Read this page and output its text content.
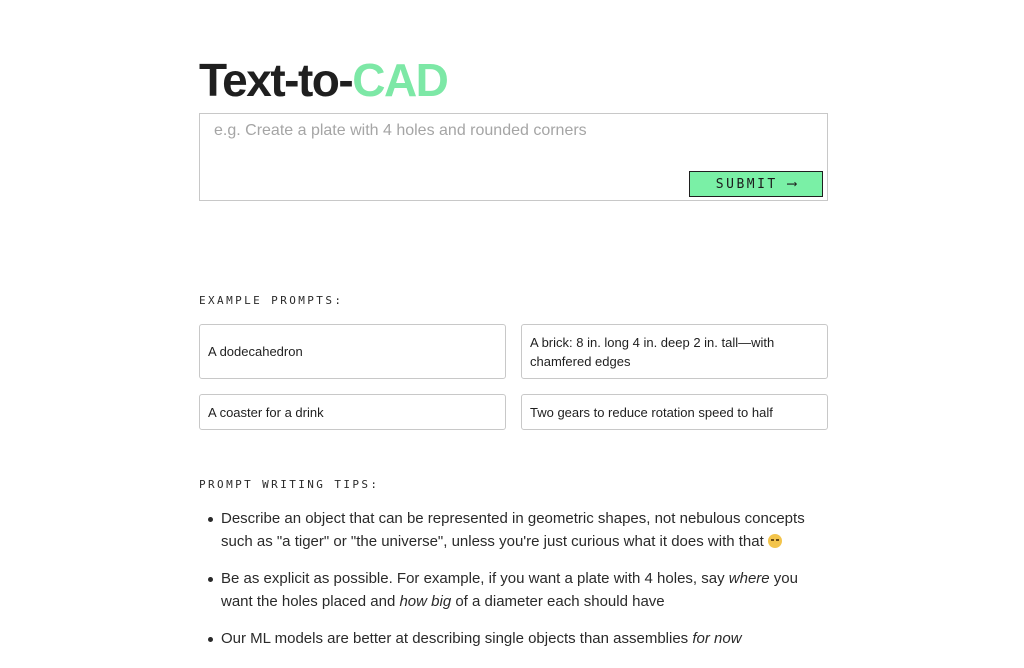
Text-to-CAD
e.g. Create a plate with 4 holes and rounded corners
SUBMIT ⟶
EXAMPLE PROMPTS:
A dodecahedron
A brick: 8 in. long 4 in. deep 2 in. tall—with chamfered edges
A coaster for a drink	Two gears to reduce rotation speed to half
PROMPT WRITING TIPS:
Describe an object that can be represented in geometric shapes, not nebulous concepts such as "a tiger" or "the universe", unless you're just curious what it does with that
Be as explicit as possible. For example, if you want a plate with 4 holes, say where you want the holes placed and how big of a diameter each should have
Our ML models are better at describing single objects than assemblies for now
